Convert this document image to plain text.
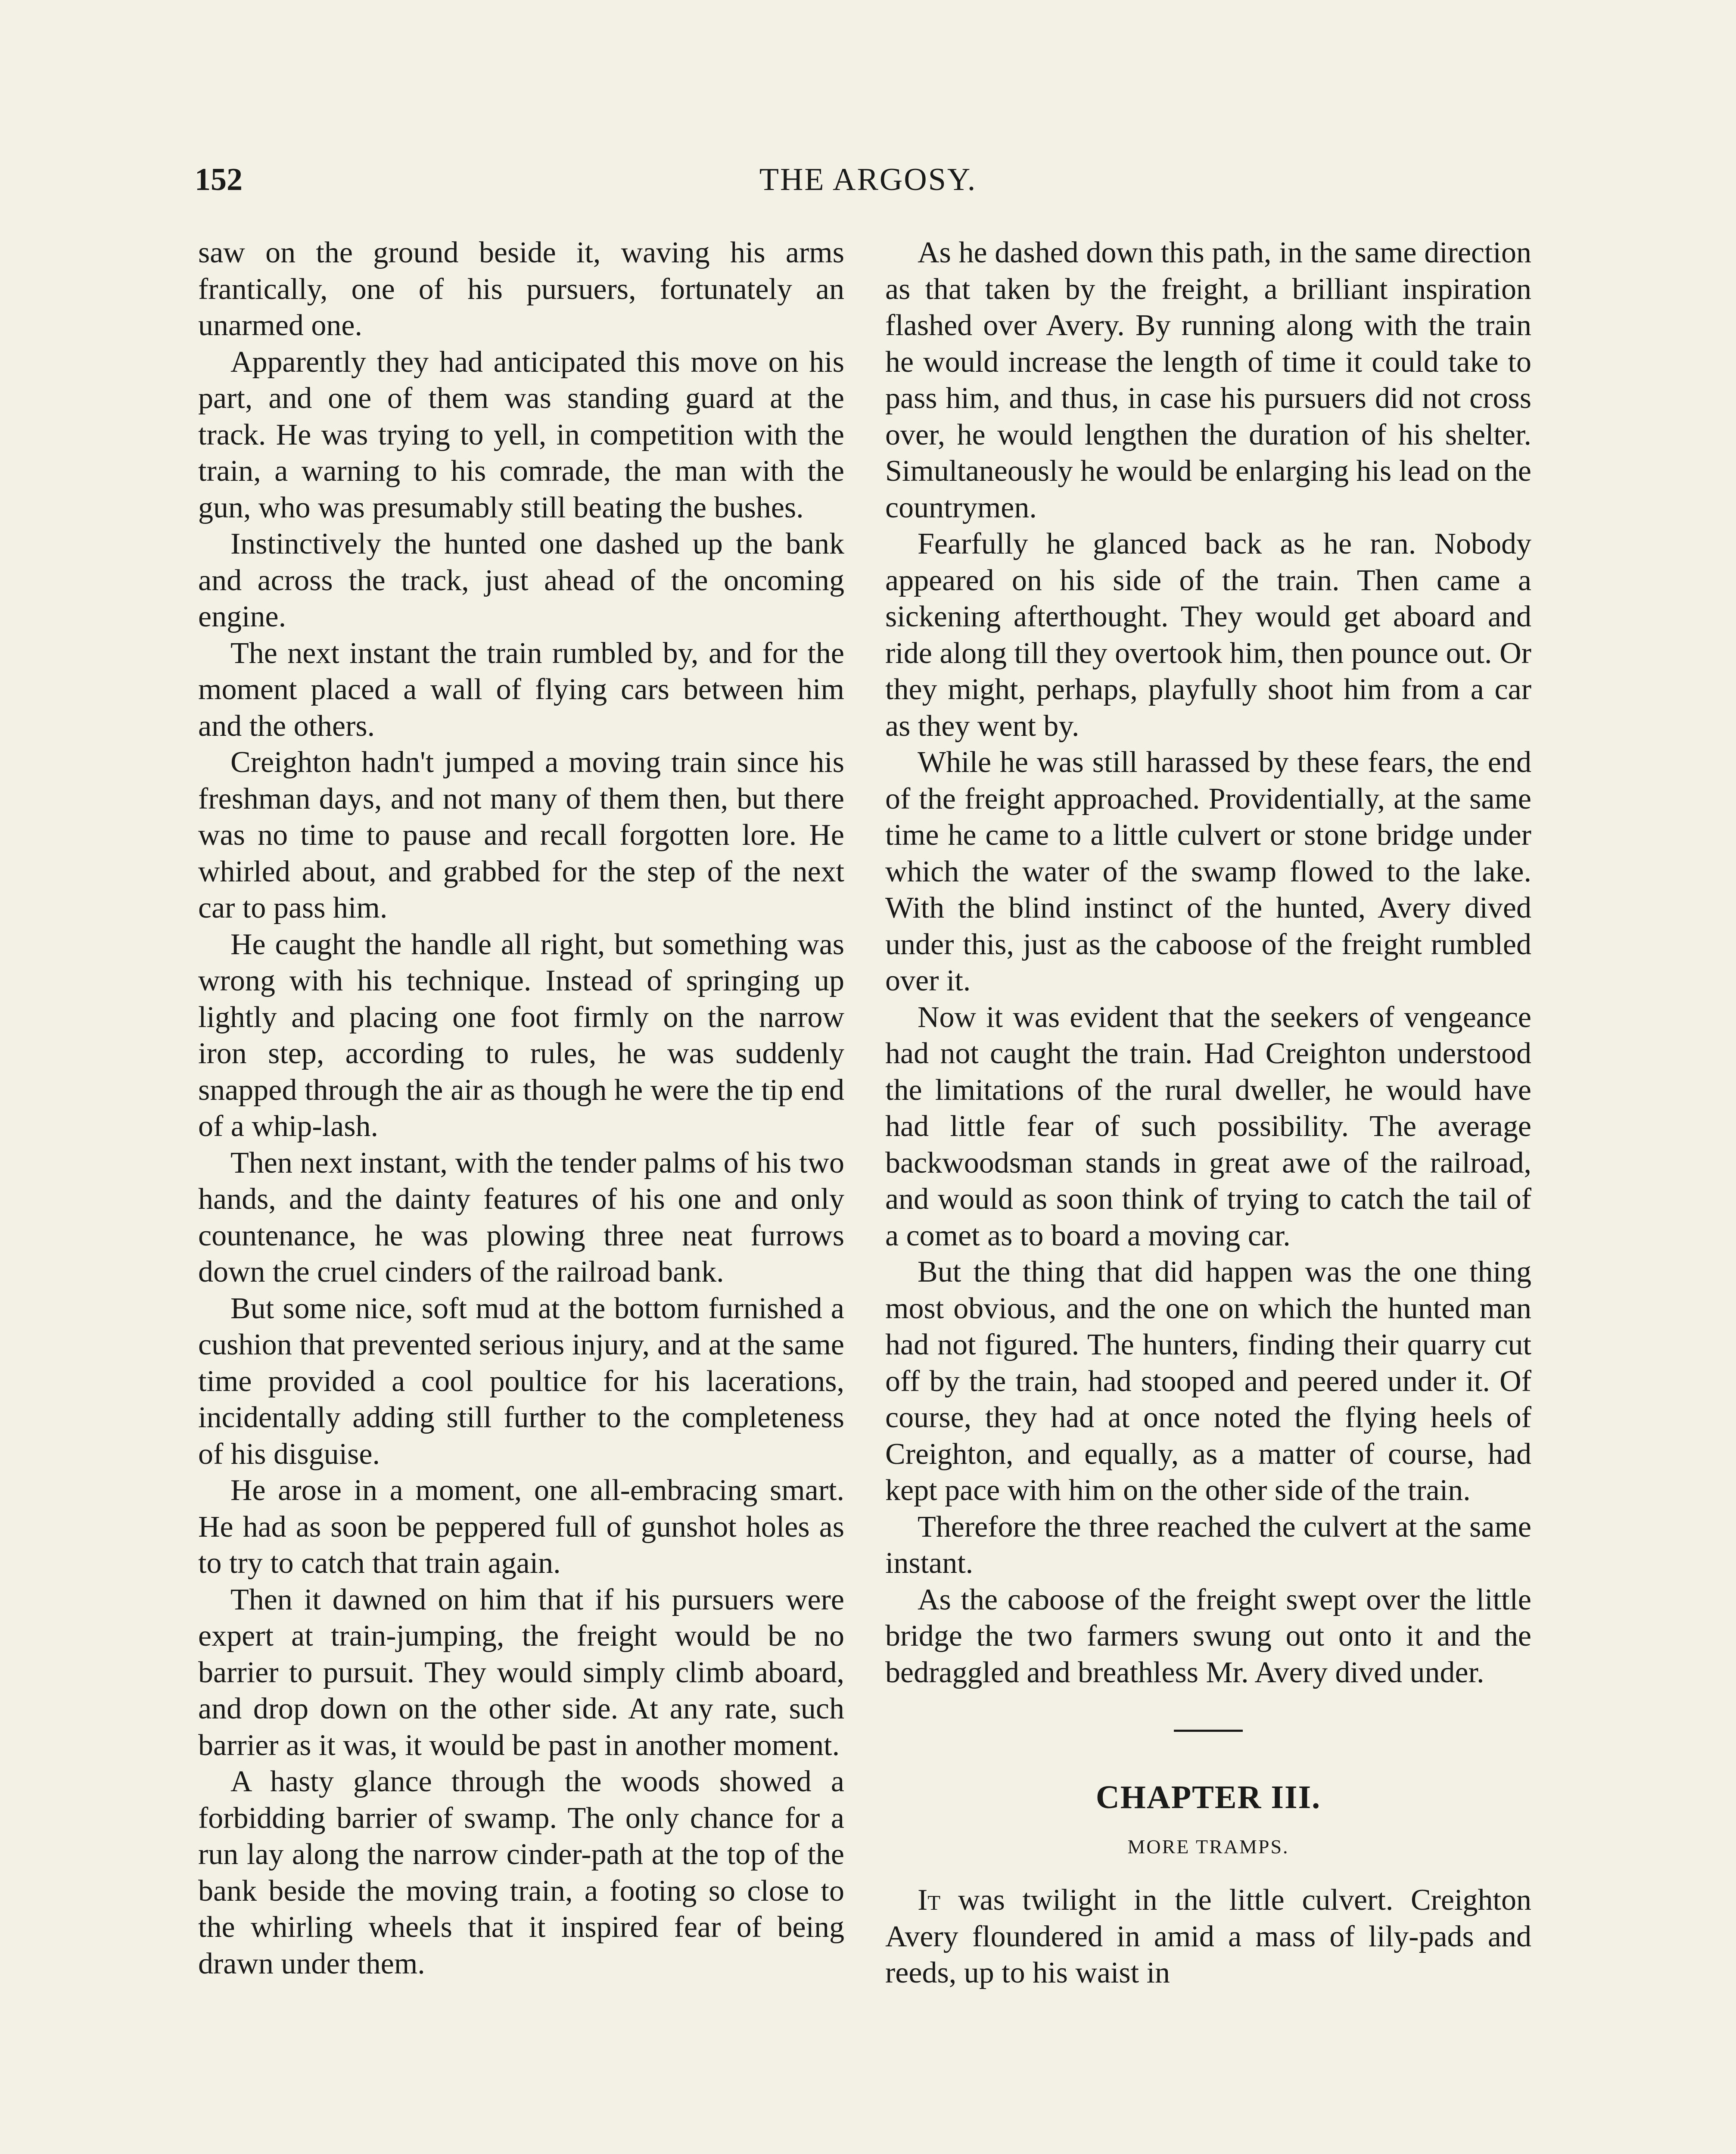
152	THE ARGOSY.

saw on the ground beside it, waving his arms frantically, one of his pursuers, fortunately an unarmed one.

Apparently they had anticipated this move on his part, and one of them was standing guard at the track. He was trying to yell, in competition with the train, a warning to his comrade, the man with the gun, who was presumably still beating the bushes.

Instinctively the hunted one dashed up the bank and across the track, just ahead of the oncoming engine.

The next instant the train rumbled by, and for the moment placed a wall of flying cars between him and the others.

Creighton hadn't jumped a moving train since his freshman days, and not many of them then, but there was no time to pause and recall forgotten lore. He whirled about, and grabbed for the step of the next car to pass him.

He caught the handle all right, but something was wrong with his technique. Instead of springing up lightly and placing one foot firmly on the narrow iron step, according to rules, he was suddenly snapped through the air as though he were the tip end of a whip-lash.

Then next instant, with the tender palms of his two hands, and the dainty features of his one and only countenance, he was plowing three neat furrows down the cruel cinders of the railroad bank.

But some nice, soft mud at the bottom furnished a cushion that prevented serious injury, and at the same time provided a cool poultice for his lacerations, incidentally adding still further to the completeness of his disguise.

He arose in a moment, one all-embracing smart. He had as soon be peppered full of gunshot holes as to try to catch that train again.

Then it dawned on him that if his pursuers were expert at train-jumping, the freight would be no barrier to pursuit. They would simply climb aboard, and drop down on the other side. At any rate, such barrier as it was, it would be past in another moment.

A hasty glance through the woods showed a forbidding barrier of swamp. The only chance for a run lay along the narrow cinder-path at the top of the bank beside the moving train, a footing so close to the whirling wheels that it inspired fear of being drawn under them.

As he dashed down this path, in the same direction as that taken by the freight, a brilliant inspiration flashed over Avery. By running along with the train he would increase the length of time it could take to pass him, and thus, in case his pursuers did not cross over, he would lengthen the duration of his shelter. Simultaneously he would be enlarging his lead on the countrymen.

Fearfully he glanced back as he ran. Nobody appeared on his side of the train. Then came a sickening afterthought. They would get aboard and ride along till they overtook him, then pounce out. Or they might, perhaps, playfully shoot him from a car as they went by.

While he was still harassed by these fears, the end of the freight approached. Providentially, at the same time he came to a little culvert or stone bridge under which the water of the swamp flowed to the lake. With the blind instinct of the hunted, Avery dived under this, just as the caboose of the freight rumbled over it.

Now it was evident that the seekers of vengeance had not caught the train. Had Creighton understood the limitations of the rural dweller, he would have had little fear of such possibility. The average backwoodsman stands in great awe of the railroad, and would as soon think of trying to catch the tail of a comet as to board a moving car.

But the thing that did happen was the one thing most obvious, and the one on which the hunted man had not figured. The hunters, finding their quarry cut off by the train, had stooped and peered under it. Of course, they had at once noted the flying heels of Creighton, and equally, as a matter of course, had kept pace with him on the other side of the train.

Therefore the three reached the culvert at the same instant.

As the caboose of the freight swept over the little bridge the two farmers swung out onto it and the bedraggled and breathless Mr. Avery dived under.

CHAPTER III.
MORE TRAMPS.

It was twilight in the little culvert. Creighton Avery floundered in amid a mass of lily-pads and reeds, up to his waist in
